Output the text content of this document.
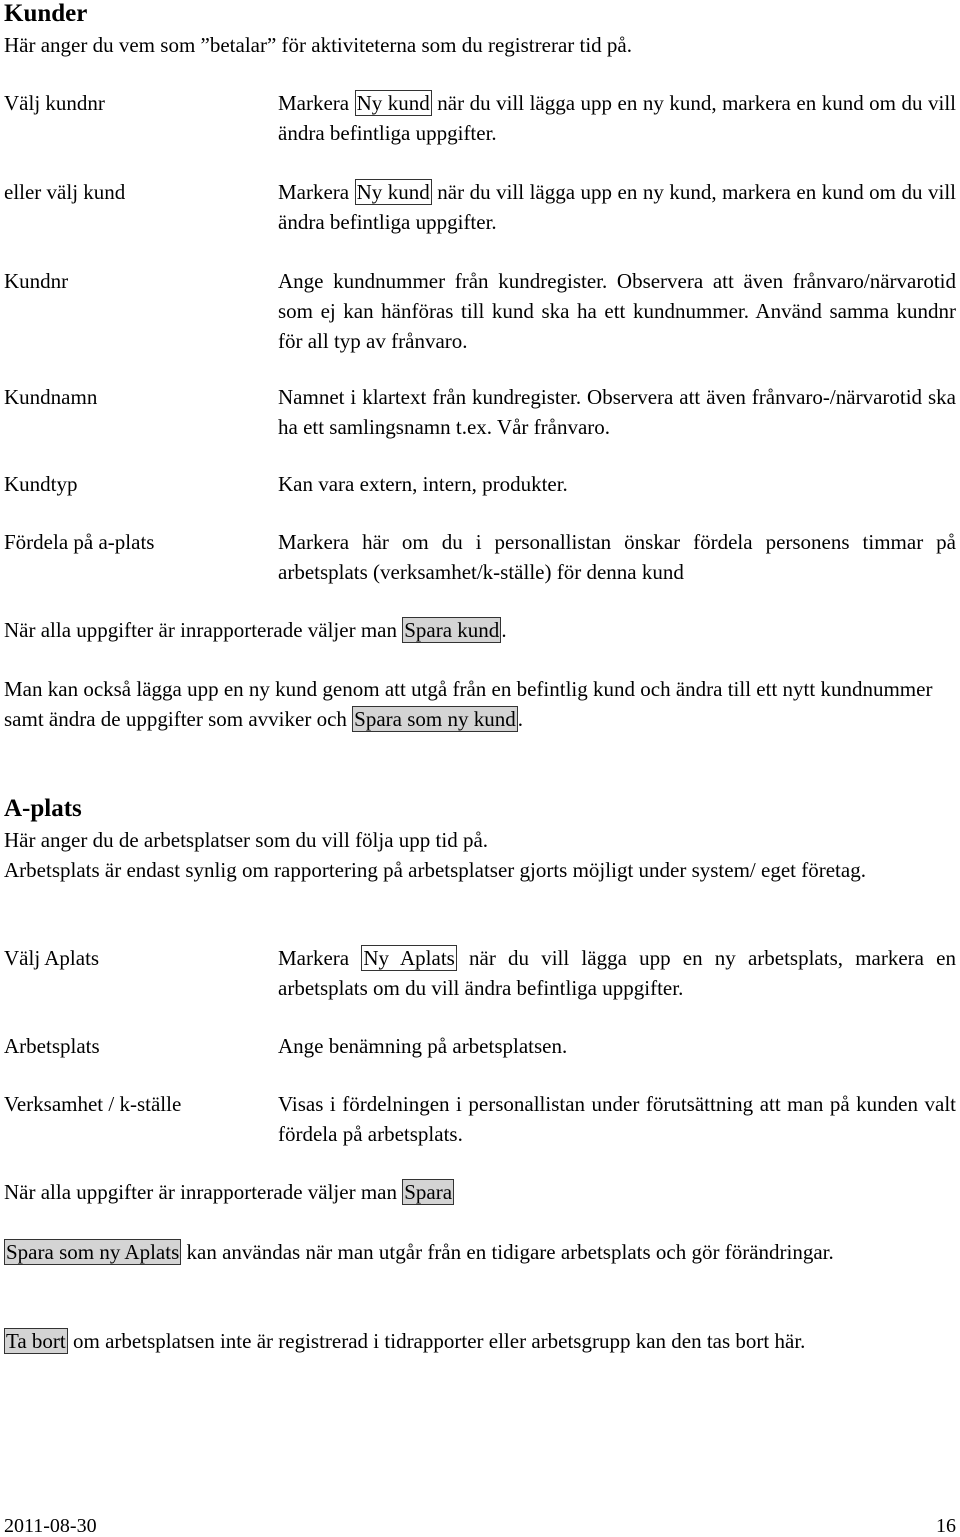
Kunder

Här anger du vem som ”betalar” för aktiviteterna som du registrerar tid på.

Välj kundnr	Markera Ny kund när du vill lägga upp en ny kund, markera en kund om du vill ändra befintliga uppgifter.
eller välj kund	Markera Ny kund när du vill lägga upp en ny kund, markera en kund om du vill ändra befintliga uppgifter.
Kundnr	Ange kundnummer från kundregister. Observera att även frånvaro/närvarotid som ej kan hänföras till kund ska ha ett kundnummer. Använd samma kundnr för all typ av frånvaro.
Kundnamn	Namnet i klartext från kundregister. Observera att även frånvaro-/närvarotid ska ha ett samlingsnamn t.ex. Vår frånvaro.
Kundtyp	Kan vara extern, intern, produkter.
Fördela på a-plats	Markera här om du i personallistan önskar fördela personens timmar på arbetsplats (verksamhet/k-ställe) för denna kund

När alla uppgifter är inrapporterade väljer man Spara kund.

Man kan också lägga upp en ny kund genom att utgå från en befintlig kund och ändra till ett nytt kundnummer samt ändra de uppgifter som avviker och Spara som ny kund.

A-plats

Här anger du de arbetsplatser som du vill följa upp tid på.

Arbetsplats är endast synlig om rapportering på arbetsplatser gjorts möjligt under system/ eget företag.

Välj Aplats	Markera Ny Aplats när du vill lägga upp en ny arbetsplats, markera en arbetsplats om du vill ändra befintliga uppgifter.
Arbetsplats	Ange benämning på arbetsplatsen.
Verksamhet / k-ställe	Visas i fördelningen i personallistan under förutsättning att man på kunden valt fördela på arbetsplats.

När alla uppgifter är inrapporterade väljer man Spara

Spara som ny Aplats kan användas när man utgår från en tidigare arbetsplats och gör förändringar.

Ta bort om arbetsplatsen inte är registrerad i tidrapporter eller arbetsgrupp kan den tas bort här.

2011-08-30	16
